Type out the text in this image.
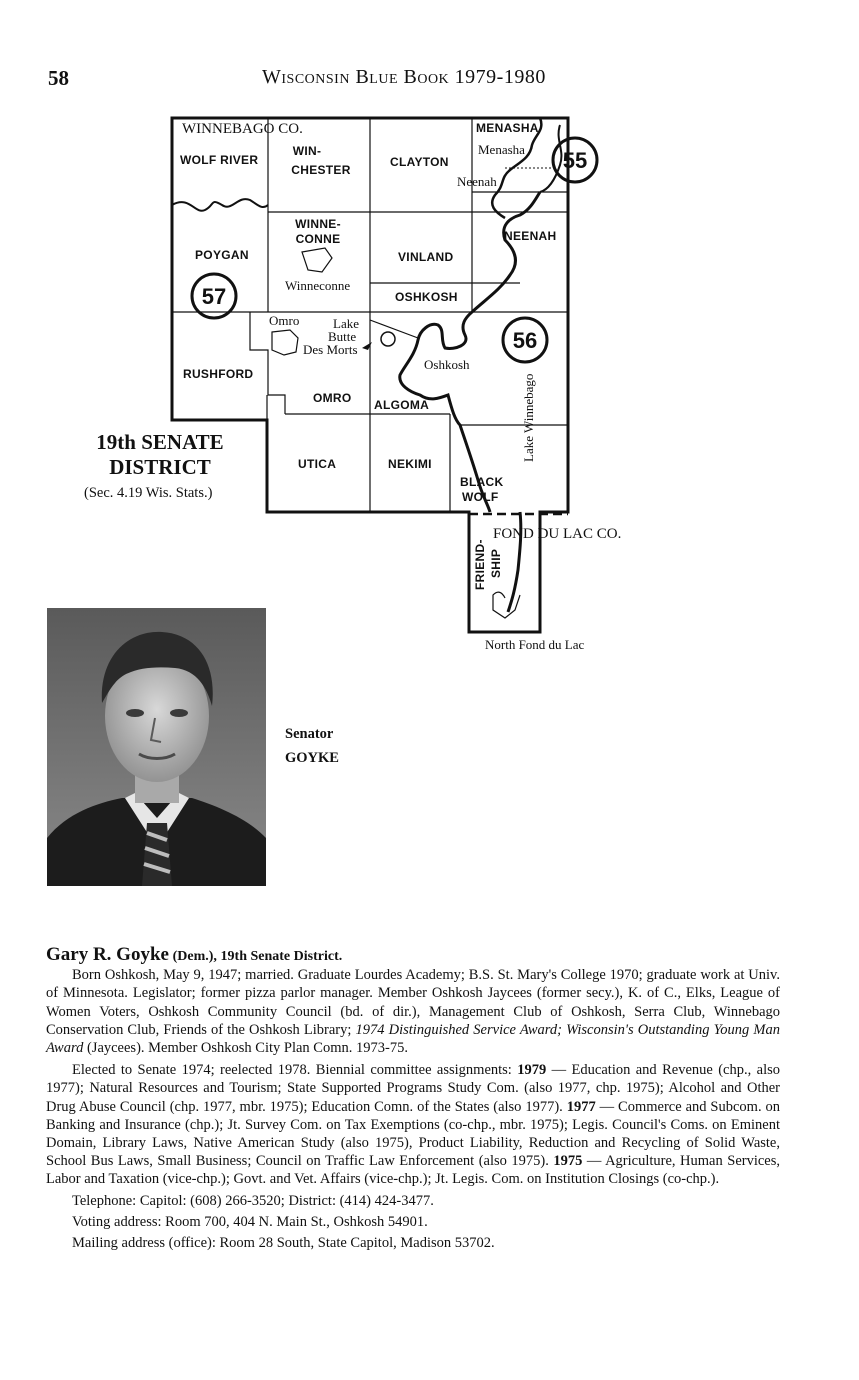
58	Wisconsin Blue Book 1979-1980
WINNEBAGO CO.
FOND DU LAC CO.
WOLF RIVER
WIN-
CHESTER
CLAYTON
MENASHA
WINNE-
CONNE
VINLAND
NEENAH
POYGAN
OSHKOSH
RUSHFORD
OMRO ALGOMA
UTICA	NEKIMI
BLACK
WOLF
FRIEND- SHIP
Menasha
Neenah
Winneconne
Omro	Lake
Butte
Des Morts
Oshkosh
Lake Winnebago
North Fond du Lac
55
56
57
19th SENATE
DISTRICT
(Sec. 4.19 Wis. Stats.)
Senator
GOYKE

Gary R. Goyke (Dem.), 19th Senate District.

Born Oshkosh, May 9, 1947; married. Graduate Lourdes Academy; B.S. St. Mary's College 1970; graduate work at Univ. of Minnesota. Legislator; former pizza parlor manager. Member Oshkosh Jaycees (former secy.), K. of C., Elks, League of Women Voters, Oshkosh Community Council (bd. of dir.), Management Club of Oshkosh, Serra Club, Winnebago Conservation Club, Friends of the Oshkosh Library; 1974 Distinguished Service Award; Wisconsin's Outstanding Young Man Award (Jaycees). Member Oshkosh City Plan Comn. 1973-75.

Elected to Senate 1974; reelected 1978. Biennial committee assignments: 1979 — Education and Revenue (chp., also 1977); Natural Resources and Tourism; State Supported Programs Study Com. (also 1977, chp. 1975); Alcohol and Other Drug Abuse Council (chp. 1977, mbr. 1975); Education Comn. of the States (also 1977). 1977 — Commerce and Subcom. on Banking and Insurance (chp.); Jt. Survey Com. on Tax Exemptions (co-chp., mbr. 1975); Legis. Council's Coms. on Eminent Domain, Library Laws, Native American Study (also 1975), Product Liability, Reduction and Recycling of Solid Waste, School Bus Laws, Small Business; Council on Traffic Law Enforcement (also 1975). 1975 — Agriculture, Human Services, Labor and Taxation (vice-chp.); Govt. and Vet. Affairs (vice-chp.); Jt. Legis. Com. on Institution Closings (co-chp.).

Telephone: Capitol: (608) 266-3520; District: (414) 424-3477.

Voting address: Room 700, 404 N. Main St., Oshkosh 54901.

Mailing address (office): Room 28 South, State Capitol, Madison 53702.
